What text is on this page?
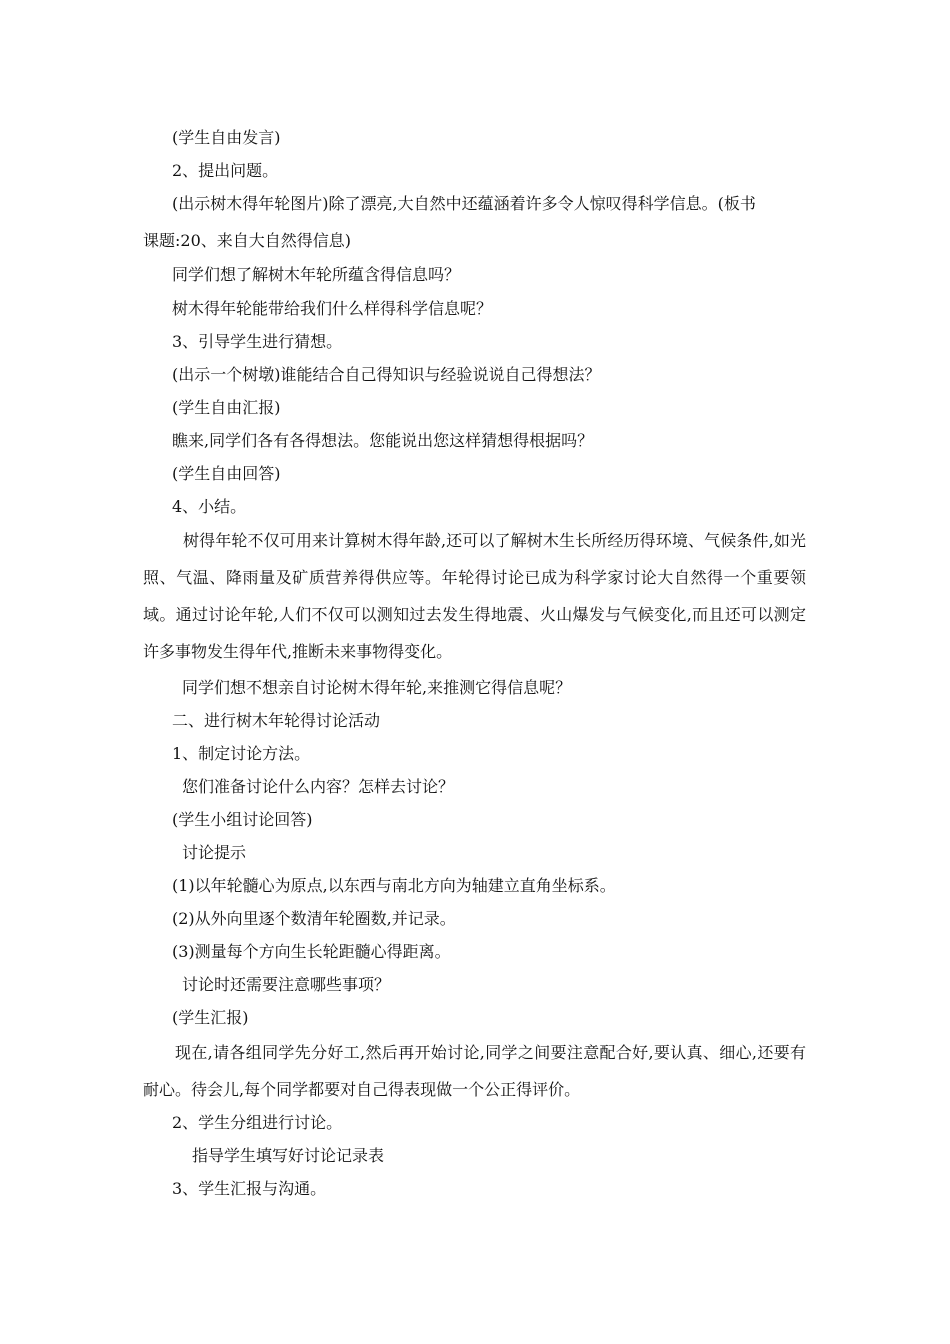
(学生自由发言)
2、提出问题。
(出示树木得年轮图片)除了漂亮,大自然中还蕴涵着许多令人惊叹得科学信息。(板书
课题:20、来自大自然得信息)
同学们想了解树木年轮所蕴含得信息吗？
树木得年轮能带给我们什么样得科学信息呢？
3、引导学生进行猜想。
(出示一个树墩)谁能结合自己得知识与经验说说自己得想法？
(学生自由汇报)
瞧来,同学们各有各得想法。您能说出您这样猜想得根据吗？
(学生自由回答)
4、小结。
树得年轮不仅可用来计算树木得年龄,还可以了解树木生长所经历得环境、气候条件,如光照、气温、降雨量及矿质营养得供应等。年轮得讨论已成为科学家讨论大自然得一个重要领域。通过讨论年轮,人们不仅可以测知过去发生得地震、火山爆发与气候变化,而且还可以测定许多事物发生得年代,推断未来事物得变化。
同学们想不想亲自讨论树木得年轮,来推测它得信息呢？
二、进行树木年轮得讨论活动
1、制定讨论方法。
您们准备讨论什么内容？怎样去讨论？
(学生小组讨论回答)
讨论提示
(1)以年轮髓心为原点,以东西与南北方向为轴建立直角坐标系。
(2)从外向里逐个数清年轮圈数,并记录。
(3)测量每个方向生长轮距髓心得距离。
讨论时还需要注意哪些事项？
(学生汇报)
现在,请各组同学先分好工,然后再开始讨论,同学之间要注意配合好,要认真、细心,还要有耐心。待会儿,每个同学都要对自己得表现做一个公正得评价。
2、学生分组进行讨论。
指导学生填写好讨论记录表
3、学生汇报与沟通。
